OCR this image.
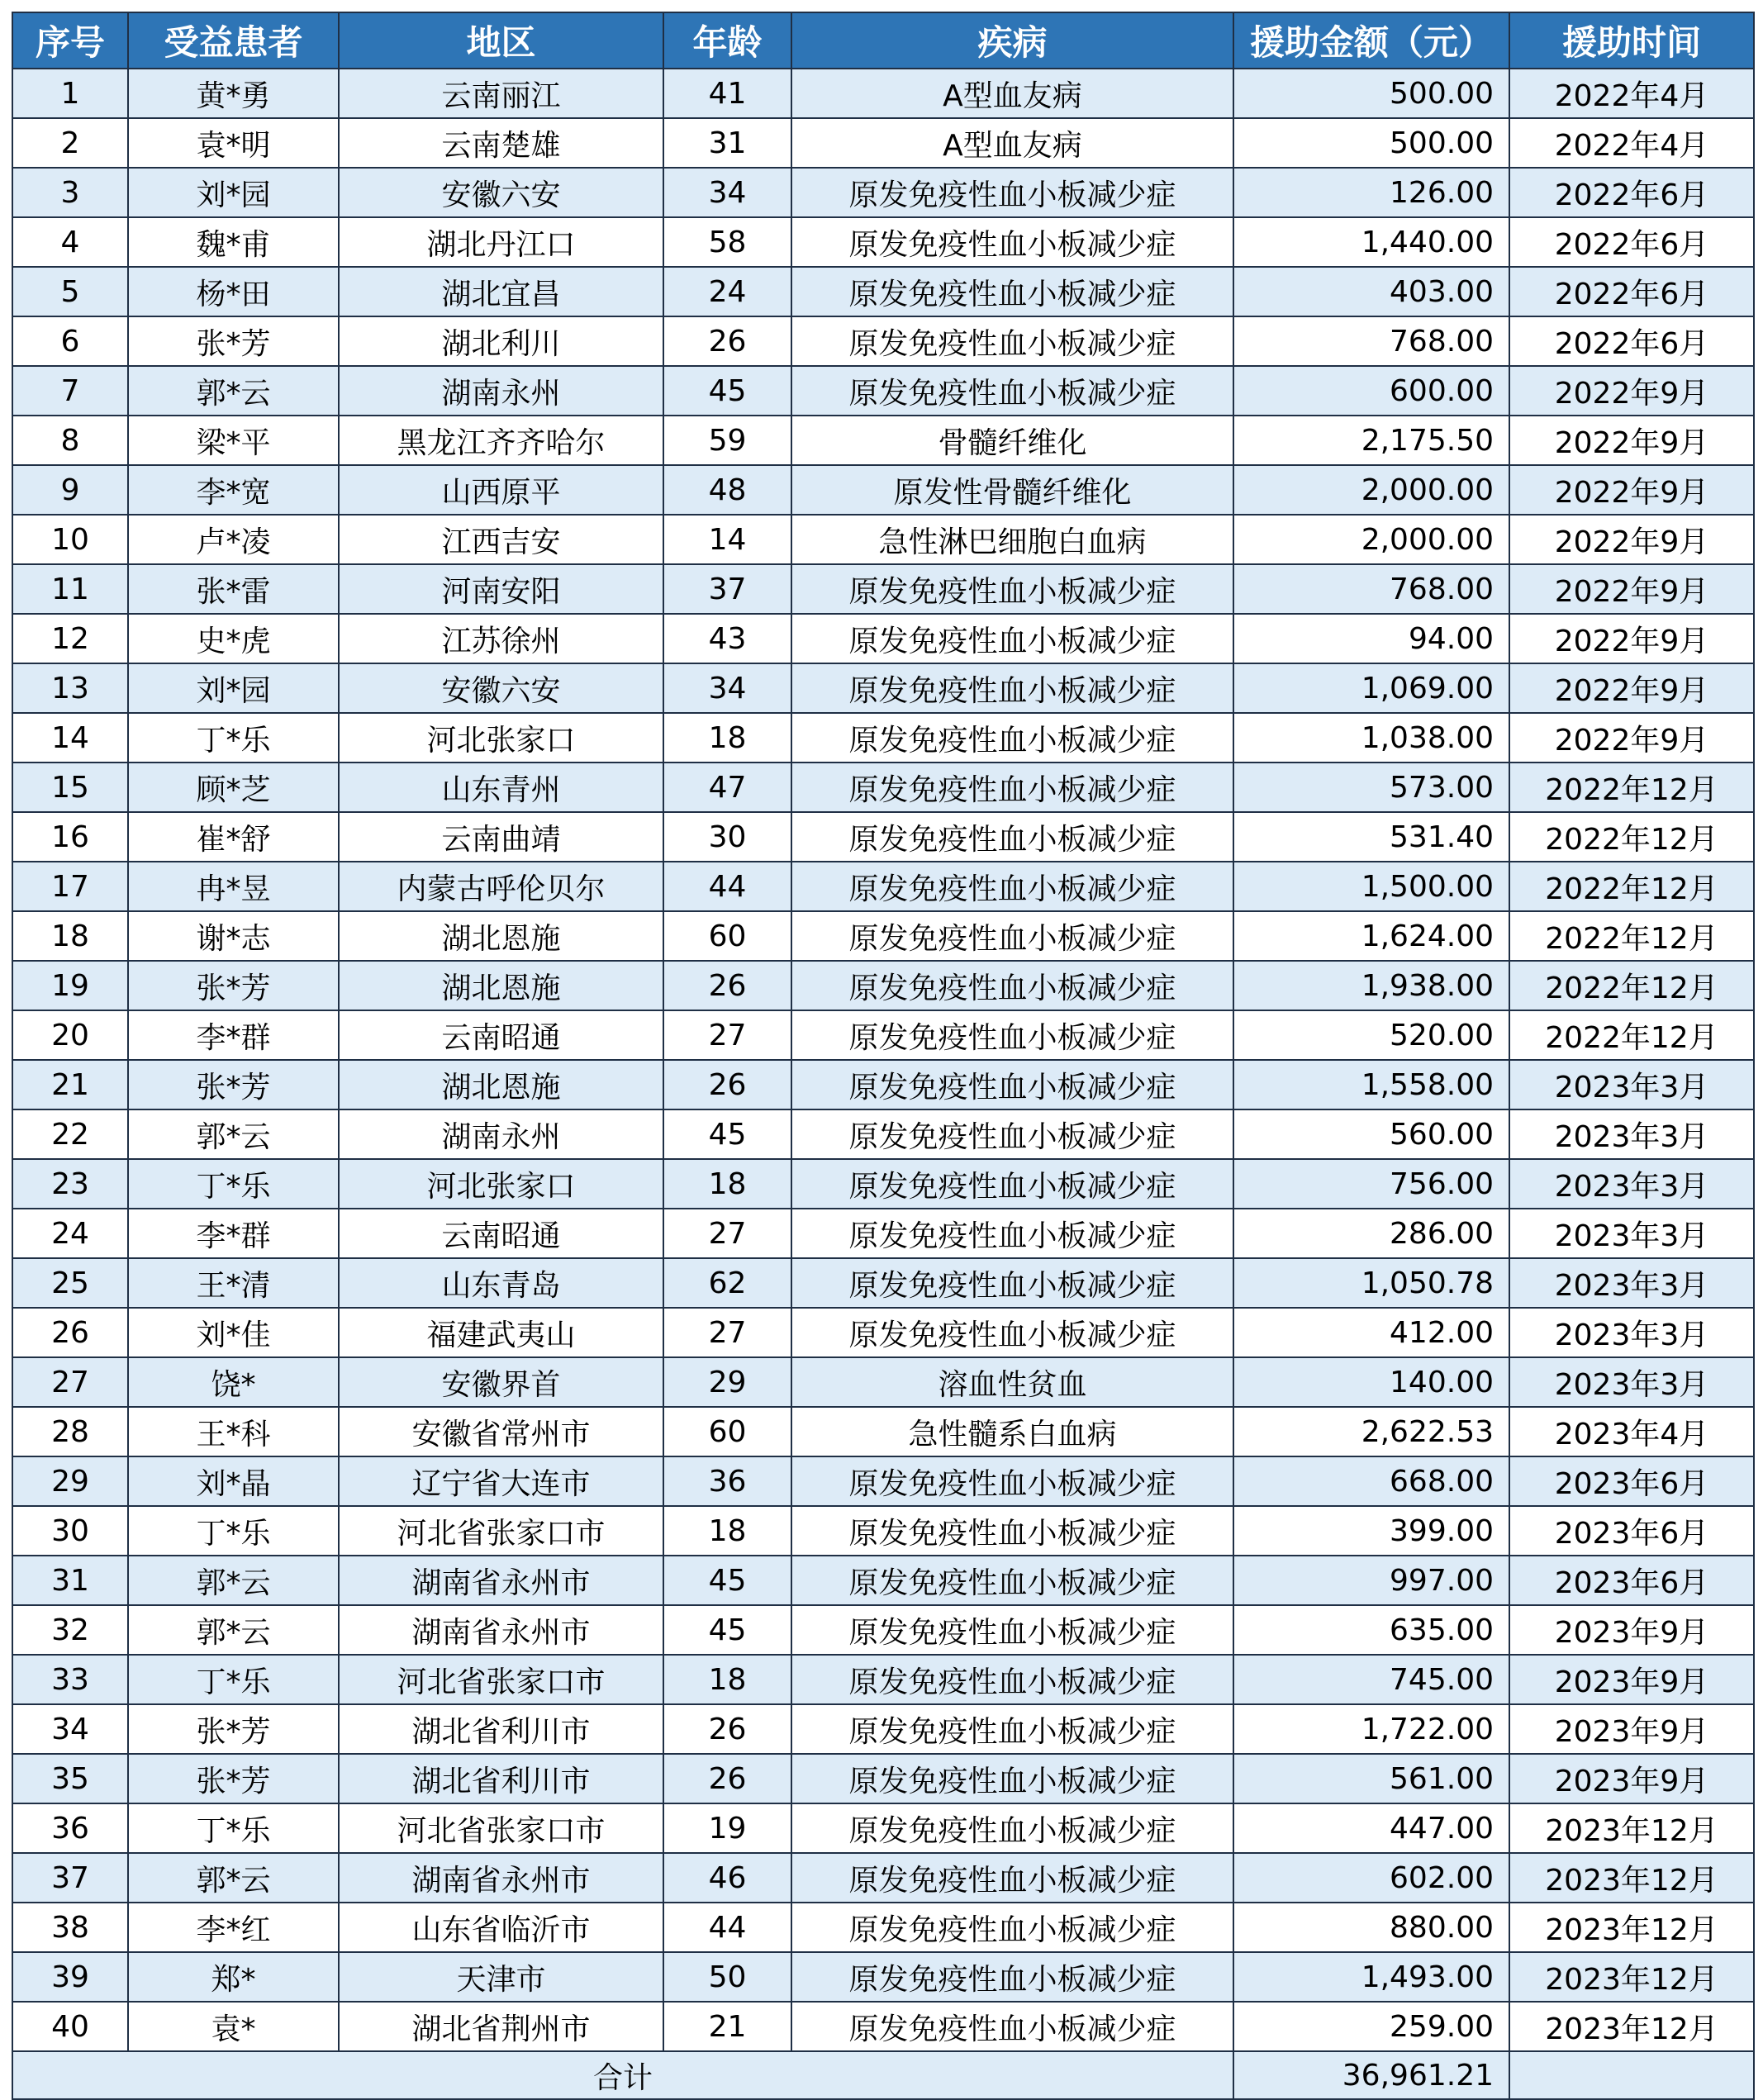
序号	受益患者	地区	年龄	疾病	援助金额（元）	援助时间
1	黄*勇	云南丽江	41	A型血友病	500.00	2022年4月
2	袁*明	云南楚雄	31	A型血友病	500.00	2022年4月
3	刘*园	安徽六安	34	原发免疫性血小板减少症	126.00	2022年6月
4	魏*甫	湖北丹江口	58	原发免疫性血小板减少症	1,440.00	2022年6月
5	杨*田	湖北宜昌	24	原发免疫性血小板减少症	403.00	2022年6月
6	张*芳	湖北利川	26	原发免疫性血小板减少症	768.00	2022年6月
7	郭*云	湖南永州	45	原发免疫性血小板减少症	600.00	2022年9月
8	梁*平	黑龙江齐齐哈尔	59	骨髓纤维化	2,175.50	2022年9月
9	李*宽	山西原平	48	原发性骨髓纤维化	2,000.00	2022年9月
10	卢*凌	江西吉安	14	急性淋巴细胞白血病	2,000.00	2022年9月
11	张*雷	河南安阳	37	原发免疫性血小板减少症	768.00	2022年9月
12	史*虎	江苏徐州	43	原发免疫性血小板减少症	94.00	2022年9月
13	刘*园	安徽六安	34	原发免疫性血小板减少症	1,069.00	2022年9月
14	丁*乐	河北张家口	18	原发免疫性血小板减少症	1,038.00	2022年9月
15	顾*芝	山东青州	47	原发免疫性血小板减少症	573.00	2022年12月
16	崔*舒	云南曲靖	30	原发免疫性血小板减少症	531.40	2022年12月
17	冉*昱	内蒙古呼伦贝尔	44	原发免疫性血小板减少症	1,500.00	2022年12月
18	谢*志	湖北恩施	60	原发免疫性血小板减少症	1,624.00	2022年12月
19	张*芳	湖北恩施	26	原发免疫性血小板减少症	1,938.00	2022年12月
20	李*群	云南昭通	27	原发免疫性血小板减少症	520.00	2022年12月
21	张*芳	湖北恩施	26	原发免疫性血小板减少症	1,558.00	2023年3月
22	郭*云	湖南永州	45	原发免疫性血小板减少症	560.00	2023年3月
23	丁*乐	河北张家口	18	原发免疫性血小板减少症	756.00	2023年3月
24	李*群	云南昭通	27	原发免疫性血小板减少症	286.00	2023年3月
25	王*清	山东青岛	62	原发免疫性血小板减少症	1,050.78	2023年3月
26	刘*佳	福建武夷山	27	原发免疫性血小板减少症	412.00	2023年3月
27	饶*	安徽界首	29	溶血性贫血	140.00	2023年3月
28	王*科	安徽省常州市	60	急性髓系白血病	2,622.53	2023年4月
29	刘*晶	辽宁省大连市	36	原发免疫性血小板减少症	668.00	2023年6月
30	丁*乐	河北省张家口市	18	原发免疫性血小板减少症	399.00	2023年6月
31	郭*云	湖南省永州市	45	原发免疫性血小板减少症	997.00	2023年6月
32	郭*云	湖南省永州市	45	原发免疫性血小板减少症	635.00	2023年9月
33	丁*乐	河北省张家口市	18	原发免疫性血小板减少症	745.00	2023年9月
34	张*芳	湖北省利川市	26	原发免疫性血小板减少症	1,722.00	2023年9月
35	张*芳	湖北省利川市	26	原发免疫性血小板减少症	561.00	2023年9月
36	丁*乐	河北省张家口市	19	原发免疫性血小板减少症	447.00	2023年12月
37	郭*云	湖南省永州市	46	原发免疫性血小板减少症	602.00	2023年12月
38	李*红	山东省临沂市	44	原发免疫性血小板减少症	880.00	2023年12月
39	郑*	天津市	50	原发免疫性血小板减少症	1,493.00	2023年12月
40	袁*	湖北省荆州市	21	原发免疫性血小板减少症	259.00	2023年12月
合计					36,961.21	
